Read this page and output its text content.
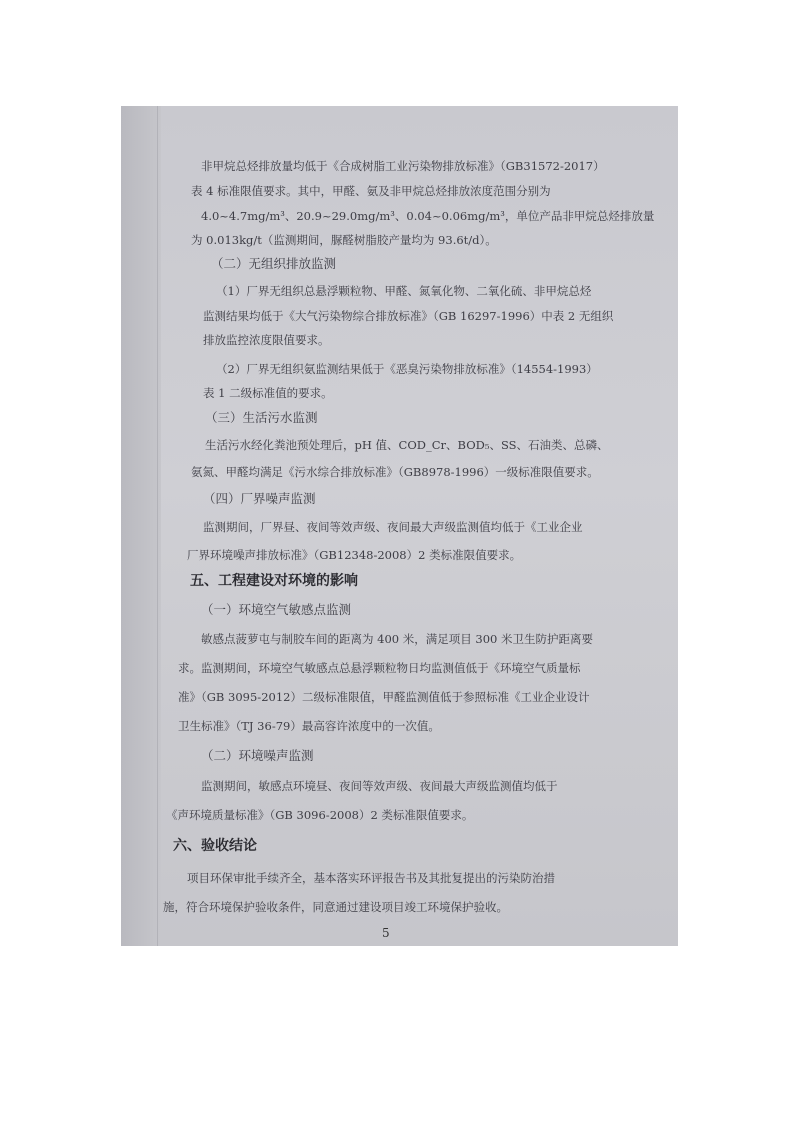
非甲烷总烃排放量均低于《合成树脂工业污染物排放标准》（GB31572-2017）
表 4 标准限值要求。其中，甲醛、氨及非甲烷总烃排放浓度范围分别为
4.0~4.7mg/m³、20.9~29.0mg/m³、0.04~0.06mg/m³，单位产品非甲烷总烃排放量
为 0.013kg/t（监测期间，脲醛树脂胶产量均为 93.6t/d）。
（二）无组织排放监测
（1）厂界无组织总悬浮颗粒物、甲醛、氮氧化物、二氧化硫、非甲烷总烃
监测结果均低于《大气污染物综合排放标准》（GB 16297-1996）中表 2 无组织
排放监控浓度限值要求。
（2）厂界无组织氨监测结果低于《恶臭污染物排放标准》（14554-1993）
表 1 二级标准值的要求。
（三）生活污水监测
生活污水经化粪池预处理后，pH 值、COD_Cr、BOD₅、SS、石油类、总磷、
氨氮、甲醛均满足《污水综合排放标准》（GB8978-1996）一级标准限值要求。
（四）厂界噪声监测
监测期间，厂界昼、夜间等效声级、夜间最大声级监测值均低于《工业企业
厂界环境噪声排放标准》（GB12348-2008）2 类标准限值要求。
五、工程建设对环境的影响
（一）环境空气敏感点监测
敏感点菠萝屯与制胶车间的距离为 400 米，满足项目 300 米卫生防护距离要
求。监测期间，环境空气敏感点总悬浮颗粒物日均监测值低于《环境空气质量标
准》（GB 3095-2012）二级标准限值，甲醛监测值低于参照标准《工业企业设计
卫生标准》（TJ 36-79）最高容许浓度中的一次值。
（二）环境噪声监测
监测期间，敏感点环境昼、夜间等效声级、夜间最大声级监测值均低于
《声环境质量标准》（GB 3096-2008）2 类标准限值要求。
六、验收结论
项目环保审批手续齐全，基本落实环评报告书及其批复提出的污染防治措
施，符合环境保护验收条件，同意通过建设项目竣工环境保护验收。
5
